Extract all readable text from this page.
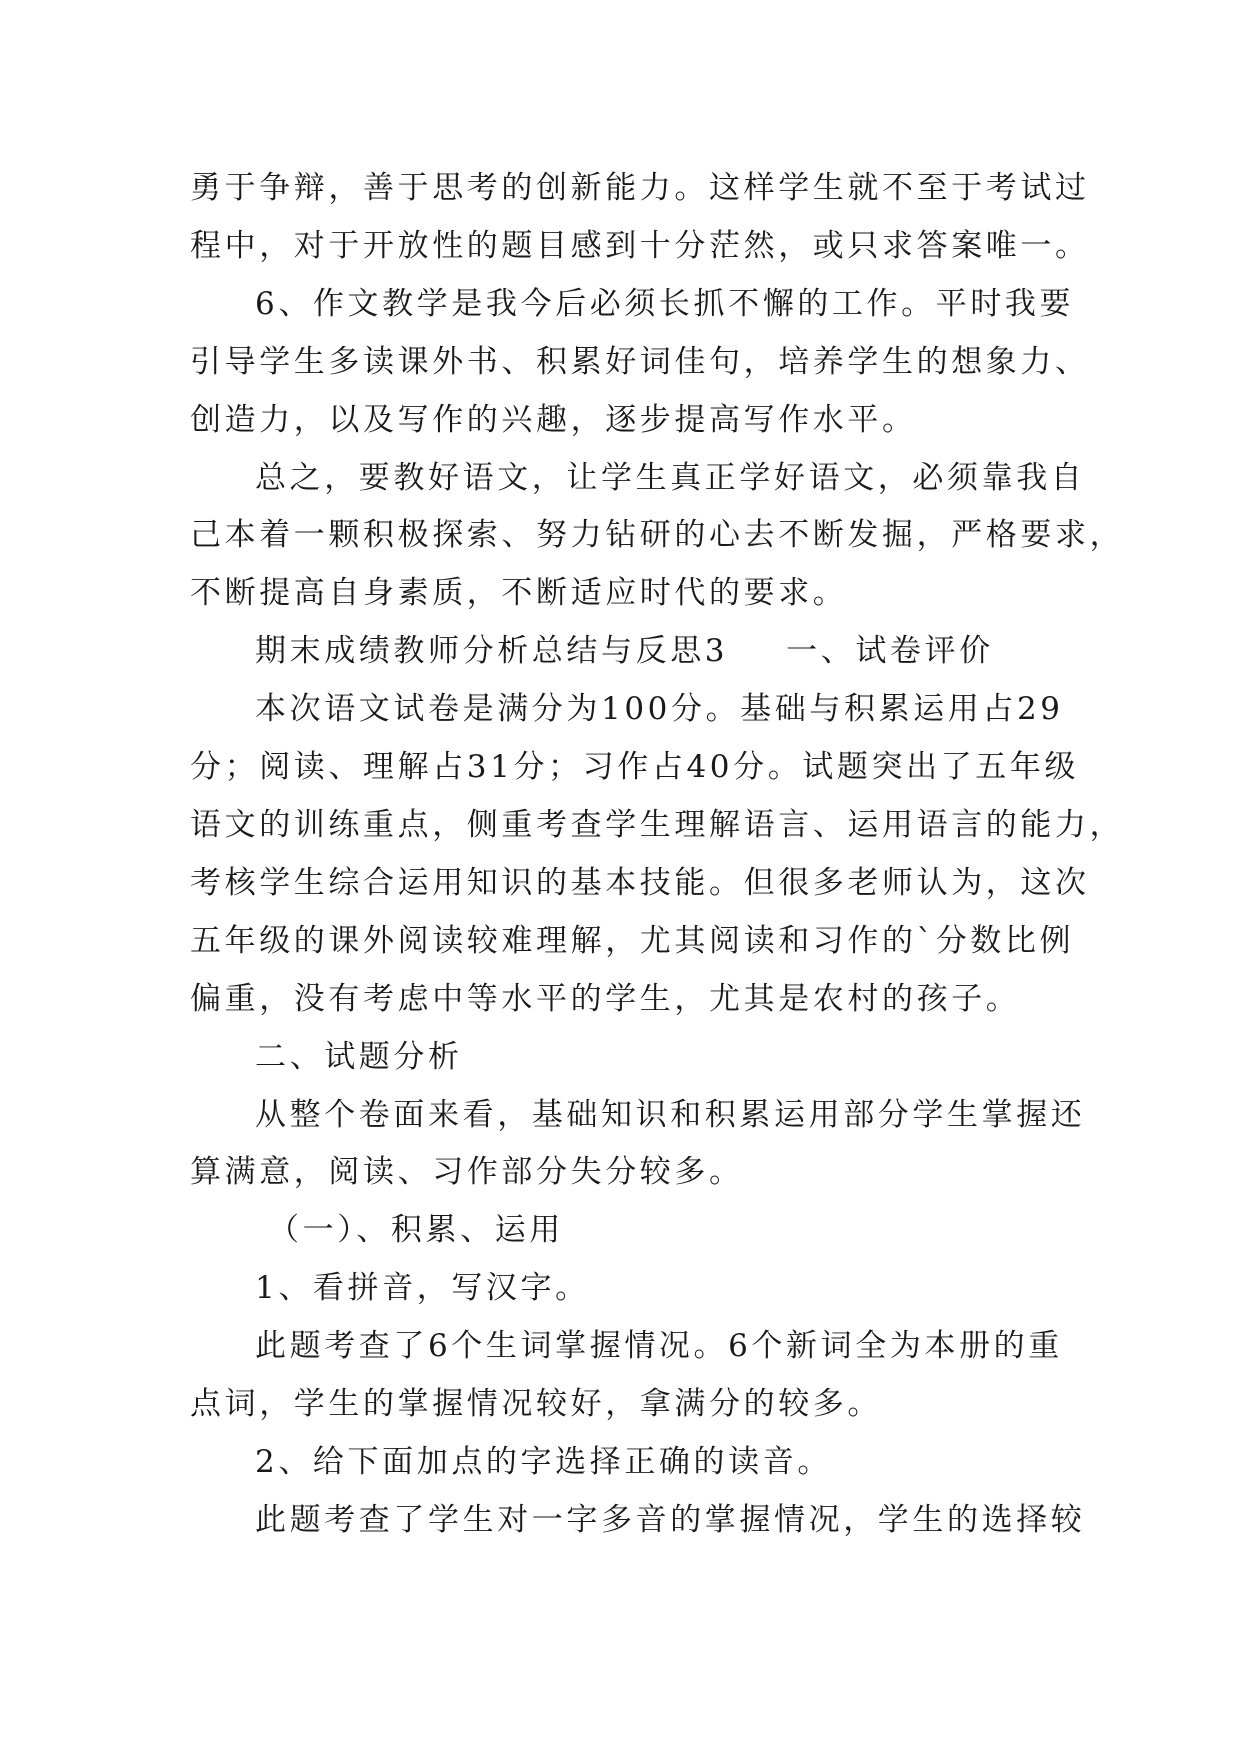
勇于争辩，善于思考的创新能力。这样学生就不至于考试过

程中，对于开放性的题目感到十分茫然，或只求答案唯一。

6、作文教学是我今后必须长抓不懈的工作。平时我要

引导学生多读课外书、积累好词佳句，培养学生的想象力、

创造力，以及写作的兴趣，逐步提高写作水平。

总之，要教好语文，让学生真正学好语文，必须靠我自

己本着一颗积极探索、努力钻研的心去不断发掘，严格要求，

不断提高自身素质，不断适应时代的要求。

期末成绩教师分析总结与反思3 一、试卷评价

本次语文试卷是满分为100分。基础与积累运用占29

分；阅读、理解占31分；习作占40分。试题突出了五年级

语文的训练重点，侧重考查学生理解语言、运用语言的能力，

考核学生综合运用知识的基本技能。但很多老师认为，这次

五年级的课外阅读较难理解，尤其阅读和习作的`分数比例

偏重，没有考虑中等水平的学生，尤其是农村的孩子。

二、试题分析

从整个卷面来看，基础知识和积累运用部分学生掌握还

算满意，阅读、习作部分失分较多。

（一）、积累、运用

1、看拼音，写汉字。

此题考查了6个生词掌握情况。6个新词全为本册的重

点词，学生的掌握情况较好，拿满分的较多。

2、给下面加点的字选择正确的读音。

此题考查了学生对一字多音的掌握情况，学生的选择较
